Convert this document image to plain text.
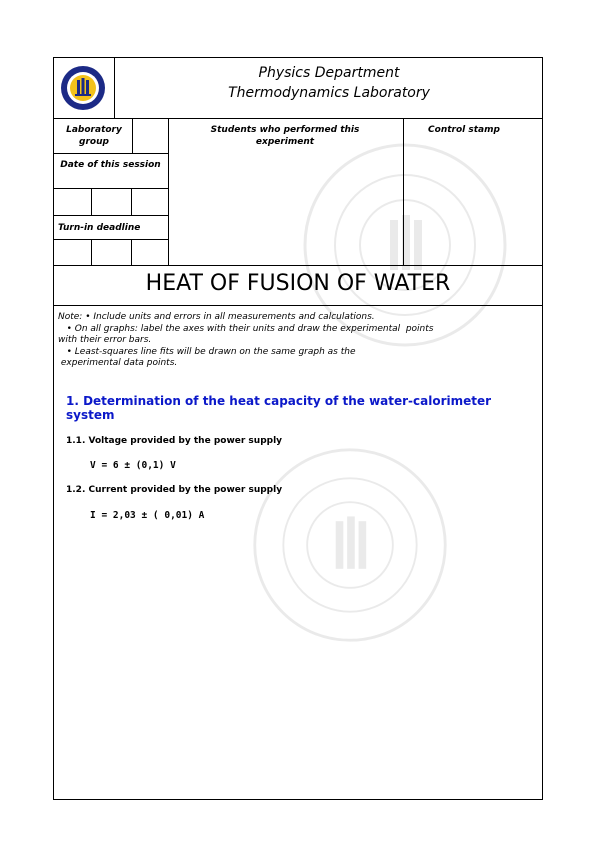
Physics Department
Thermodynamics Laboratory
Laboratory group
Date of this session
Turn-in deadline
Students who performed this experiment
Control stamp
HEAT OF FUSION OF WATER
Note: • Include units and errors in all measurements and calculations.
• On all graphs: label the axes with their units and draw the experimental  points
with their error bars.
• Least-squares line fits will be drawn on the same graph as the
experimental data points.
1. Determination of the heat capacity of the water-calorimeter system
1.1. Voltage provided by the power supply
V = 6 ± (0,1) V
1.2. Current provided by the power supply
I = 2,03 ± ( 0,01) A
